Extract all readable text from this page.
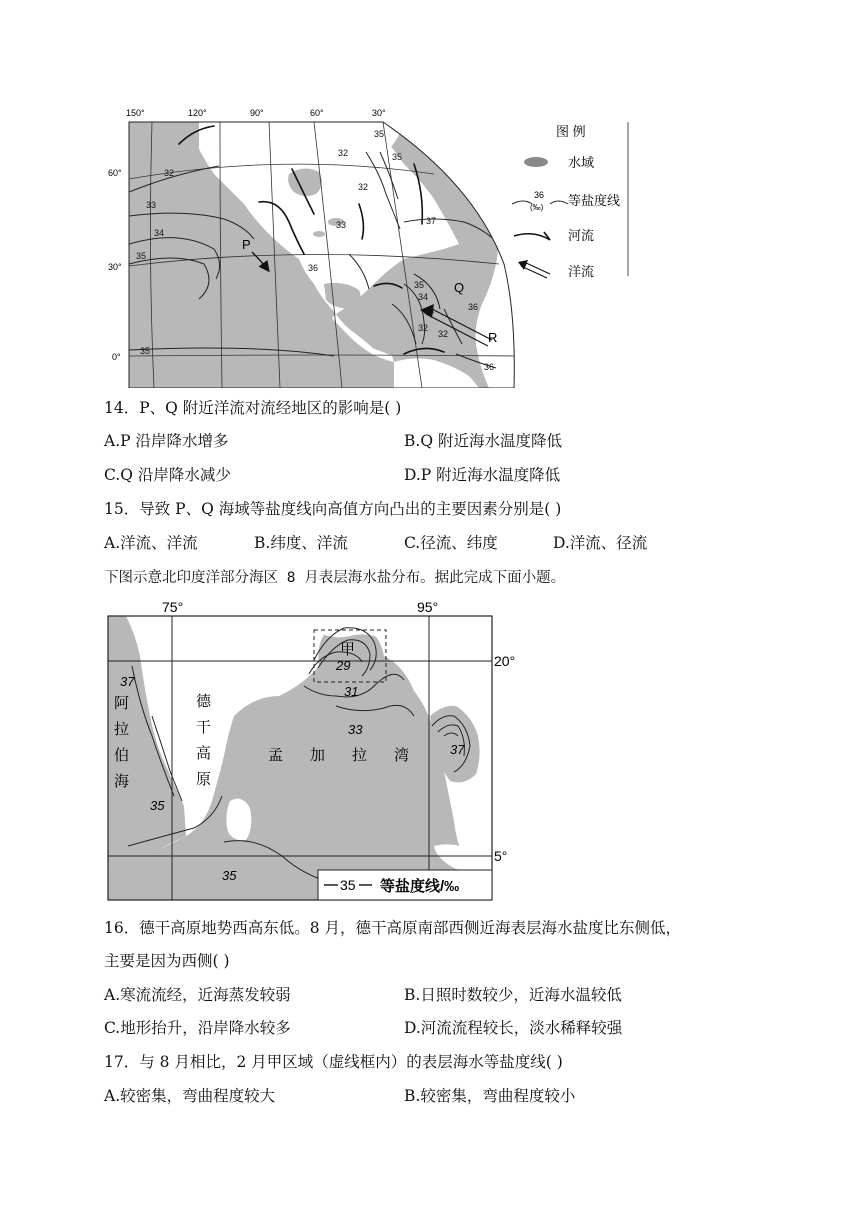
150°	120°	90°	60°	30°
60°
30°
0°
32
35
35
32
32
33
34
35
33
36
37
36
35
34
33
32
32
36
35
P
Q
R
图 例
水域
36
(‰) 等盐度线
河流
洋流
14．P、Q 附近洋流对流经地区的影响是( )
A.P 沿岸降水增多	B.Q 附近海水温度降低
C.Q 沿岸降水减少	D.P 附近海水温度降低
15．导致 P、Q 海域等盐度线向高值方向凸出的主要因素分别是( )
A.洋流、洋流	B.纬度、洋流	C.径流、纬度	D.洋流、径流
下图示意北印度洋部分海区 8 月表层海水盐分布。据此完成下面小题。
75°	95°
20°
5°
阿
拉
伯
海
德
干
高
原
孟 加 拉 湾
甲
37
35
29
31
33
37
35
35 等盐度线/‰
16．德干高原地势西高东低。8 月，德干高原南部西侧近海表层海水盐度比东侧低，
主要是因为西侧( )
A.寒流流经，近海蒸发较弱	B.日照时数较少，近海水温较低
C.地形抬升，沿岸降水较多	D.河流流程较长，淡水稀释较强
17．与 8 月相比，2 月甲区域（虚线框内）的表层海水等盐度线( )
A.较密集，弯曲程度较大	B.较密集，弯曲程度较小
